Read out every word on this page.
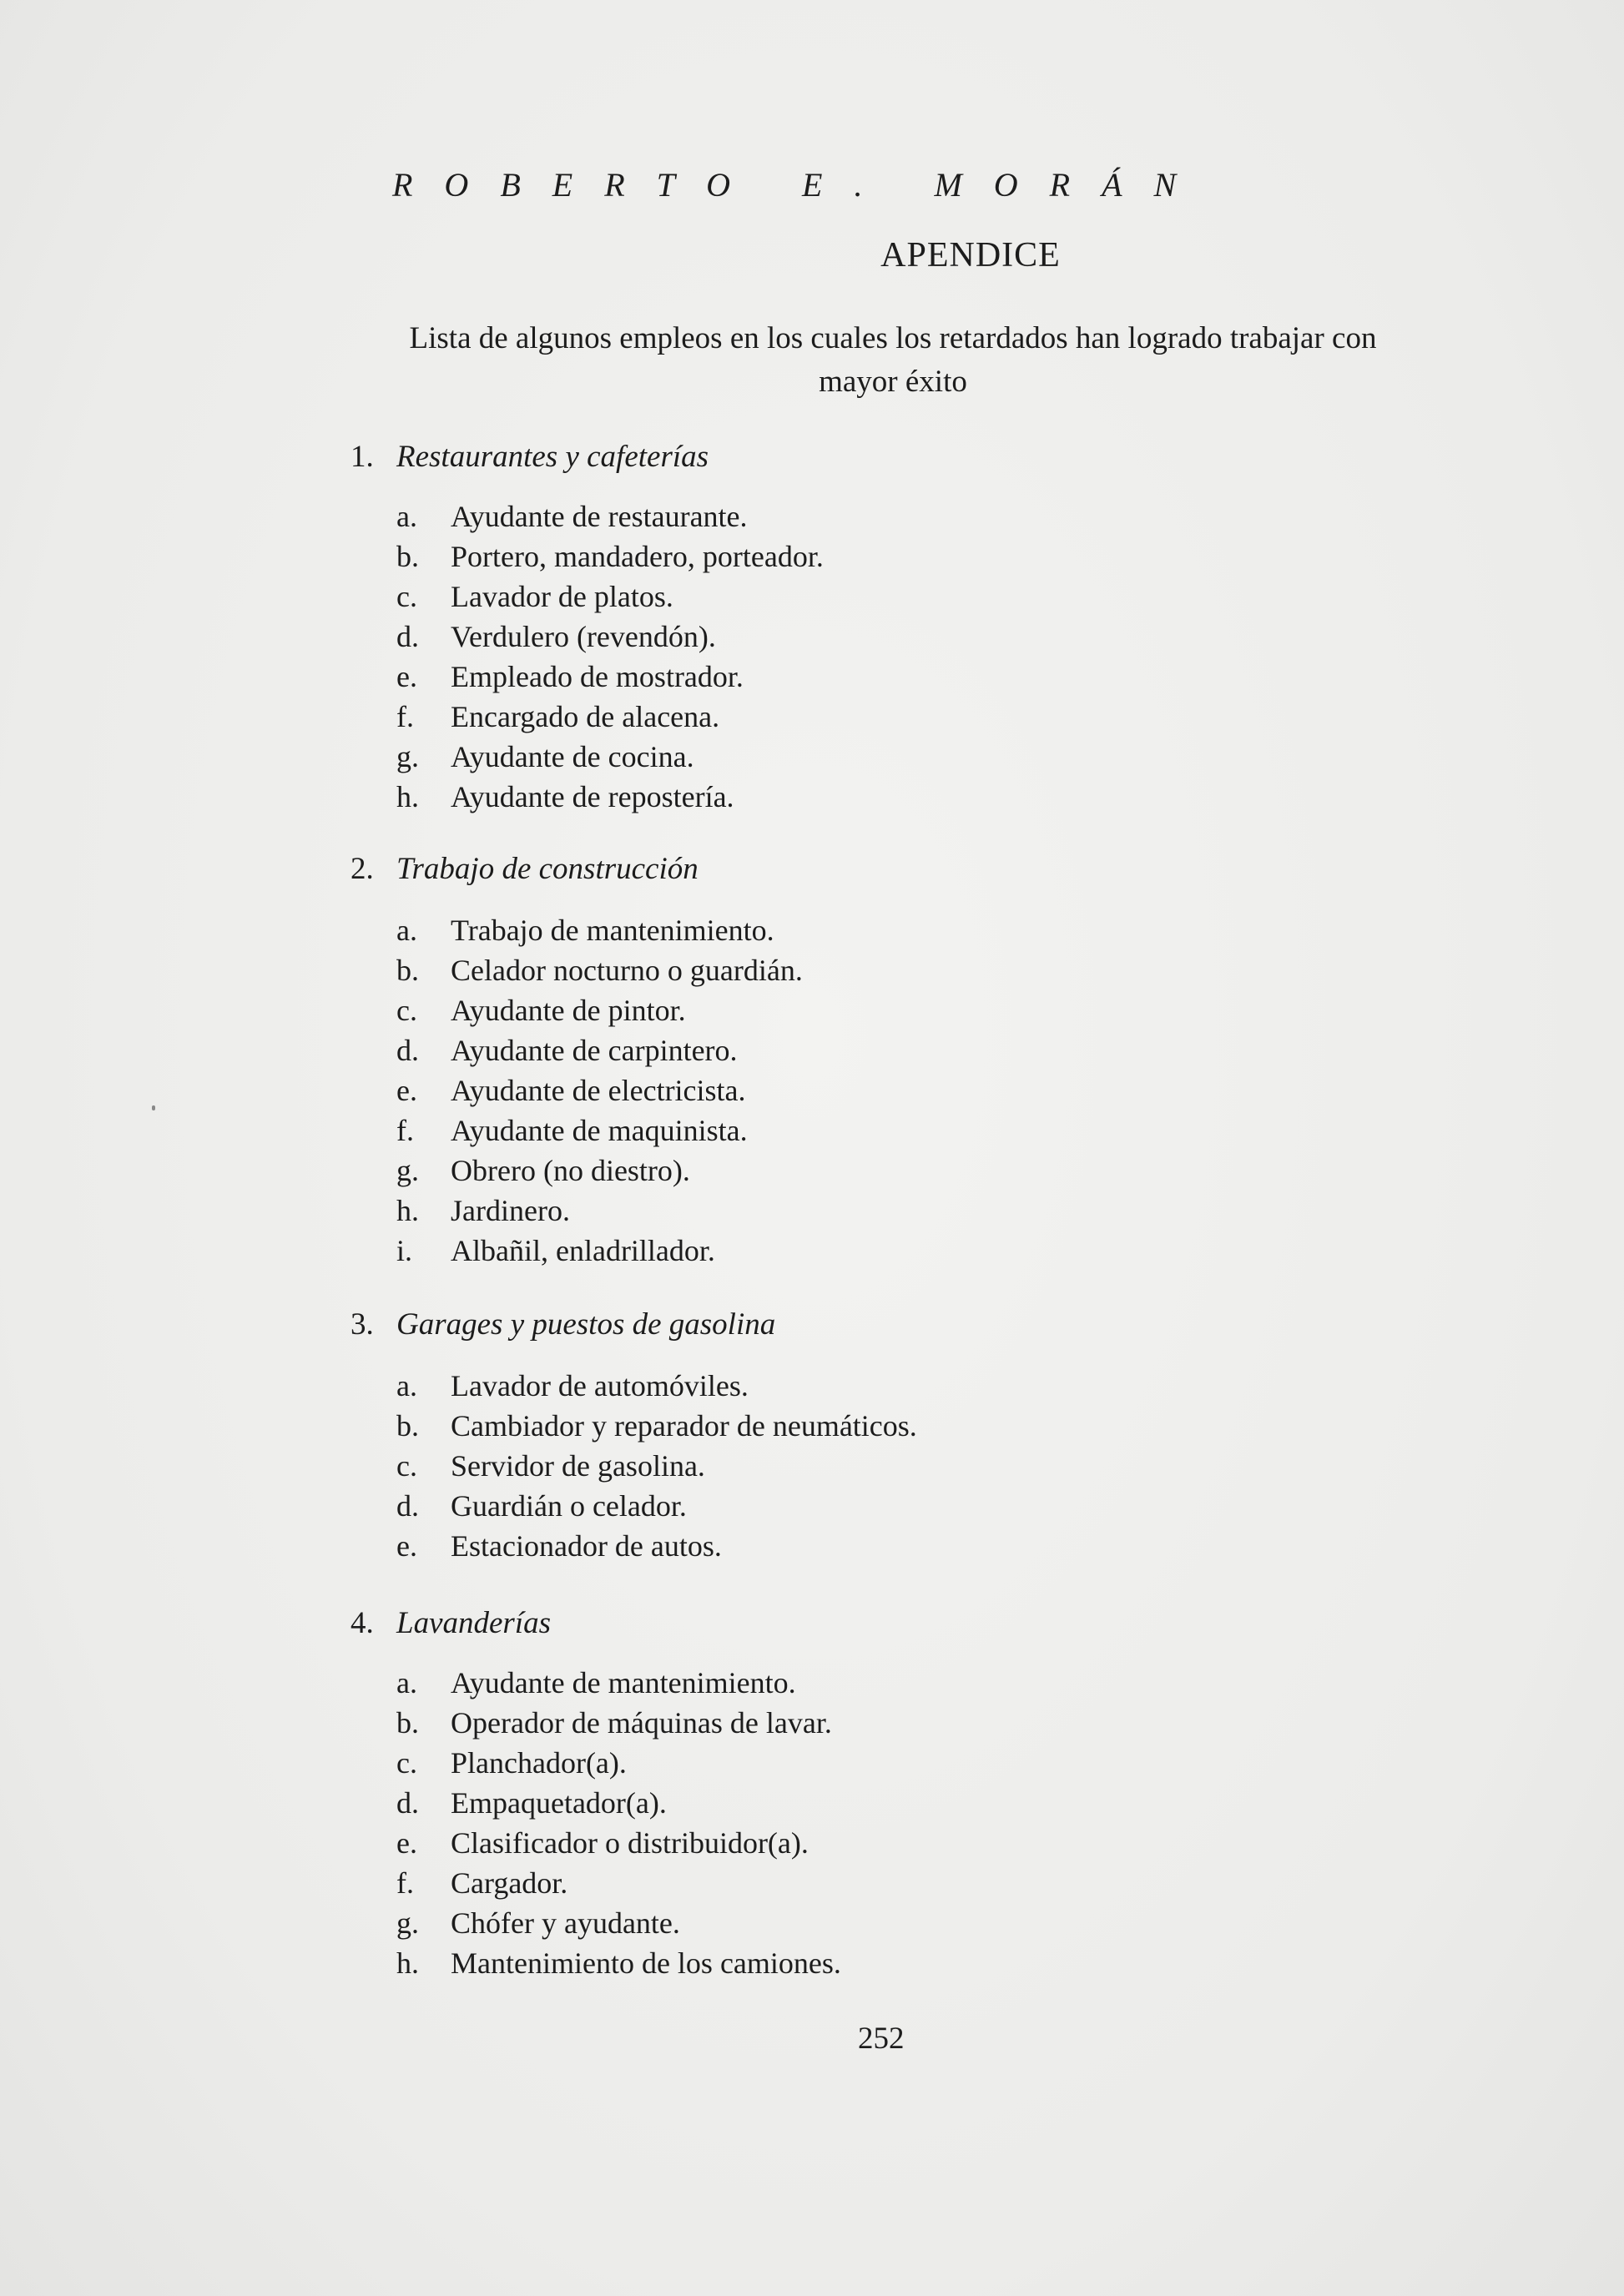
ROBERTO E. MORÁN
APENDICE
Lista de algunos empleos en los cuales los retardados han logrado trabajar con mayor éxito
1. Restaurantes y cafeterías
a. Ayudante de restaurante.
b. Portero, mandadero, porteador.
c. Lavador de platos.
d. Verdulero (revendón).
e. Empleado de mostrador.
f. Encargado de alacena.
g. Ayudante de cocina.
h. Ayudante de repostería.
2. Trabajo de construcción
a. Trabajo de mantenimiento.
b. Celador nocturno o guardián.
c. Ayudante de pintor.
d. Ayudante de carpintero.
e. Ayudante de electricista.
f. Ayudante de maquinista.
g. Obrero (no diestro).
h. Jardinero.
i. Albañil, enladrillador.
3. Garages y puestos de gasolina
a. Lavador de automóviles.
b. Cambiador y reparador de neumáticos.
c. Servidor de gasolina.
d. Guardián o celador.
e. Estacionador de autos.
4. Lavanderías
a. Ayudante de mantenimiento.
b. Operador de máquinas de lavar.
c. Planchador(a).
d. Empaquetador(a).
e. Clasificador o distribuidor(a).
f. Cargador.
g. Chófer y ayudante.
h. Mantenimiento de los camiones.
252
